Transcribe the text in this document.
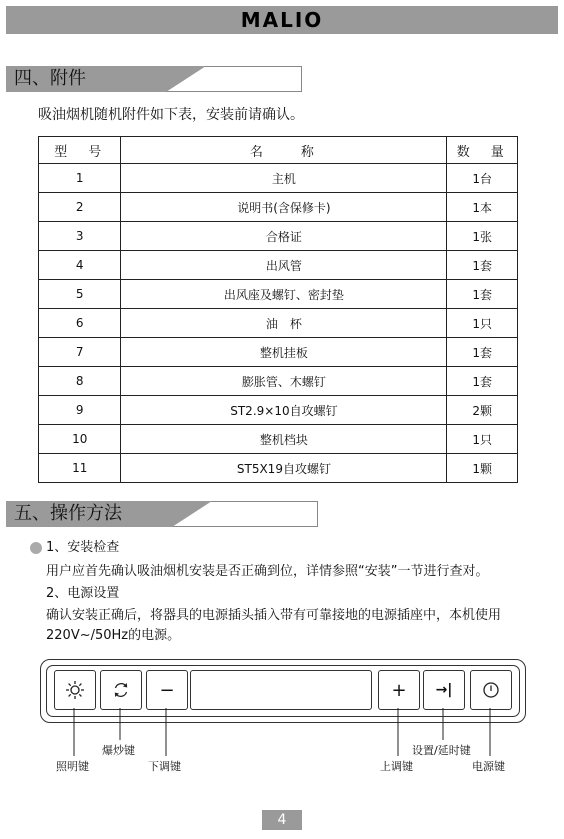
MALIO
四、附件
吸油烟机随机附件如下表，安装前请确认。
型　号	名　　称	数　量
1	主机	1台
2	说明书(含保修卡)	1本
3	合格证	1张
4	出风管	1套
5	出风座及螺钉、密封垫	1套
6	油　杯	1只
7	整机挂板	1套
8	膨胀管、木螺钉	1套
9	ST2.9×10自攻螺钉	2颗
10	整机档块	1只
11	ST5X19自攻螺钉	1颗
五、操作方法
1、安装检查
用户应首先确认吸油烟机安装是否正确到位，详情参照“安装”一节进行查对。
2、电源设置
确认安装正确后，将器具的电源插头插入带有可靠接地的电源插座中，本机使用
220V~/50Hz的电源。
−	+ →|
照明键
爆炒键
下调键	上调键
设置/延时键
电源键
4
